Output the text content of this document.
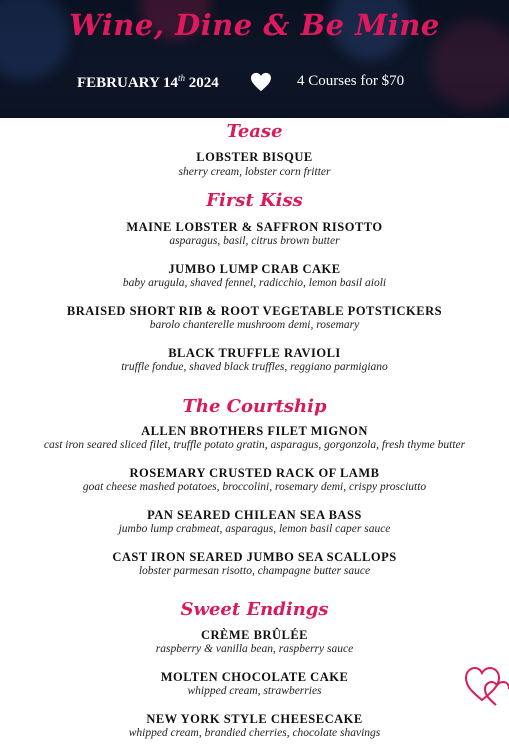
Wine, Dine & Be Mine
FEBRUARY 14th 2024	4 Courses for $70
Tease
LOBSTER BISQUE
sherry cream, lobster corn fritter
First Kiss
MAINE LOBSTER & SAFFRON RISOTTO
asparagus, basil, citrus brown butter
JUMBO LUMP CRAB CAKE
baby arugula, shaved fennel, radicchio, lemon basil aioli
BRAISED SHORT RIB & ROOT VEGETABLE POTSTICKERS
barolo chanterelle mushroom demi, rosemary
BLACK TRUFFLE RAVIOLI
truffle fondue, shaved black truffles, reggiano parmigiano
The Courtship
ALLEN BROTHERS FILET MIGNON
cast iron seared sliced filet, truffle potato gratin, asparagus, gorgonzola, fresh thyme butter
ROSEMARY CRUSTED RACK OF LAMB
goat cheese mashed potatoes, broccolini, rosemary demi, crispy prosciutto
PAN SEARED CHILEAN SEA BASS
jumbo lump crabmeat, asparagus, lemon basil caper sauce
CAST IRON SEARED JUMBO SEA SCALLOPS
lobster parmesan risotto, champagne butter sauce
Sweet Endings
CRÈME BRÛLÉE
raspberry & vanilla bean, raspberry sauce
MOLTEN CHOCOLATE CAKE
whipped cream, strawberries
NEW YORK STYLE CHEESECAKE
whipped cream, brandied cherries, chocolate shavings
